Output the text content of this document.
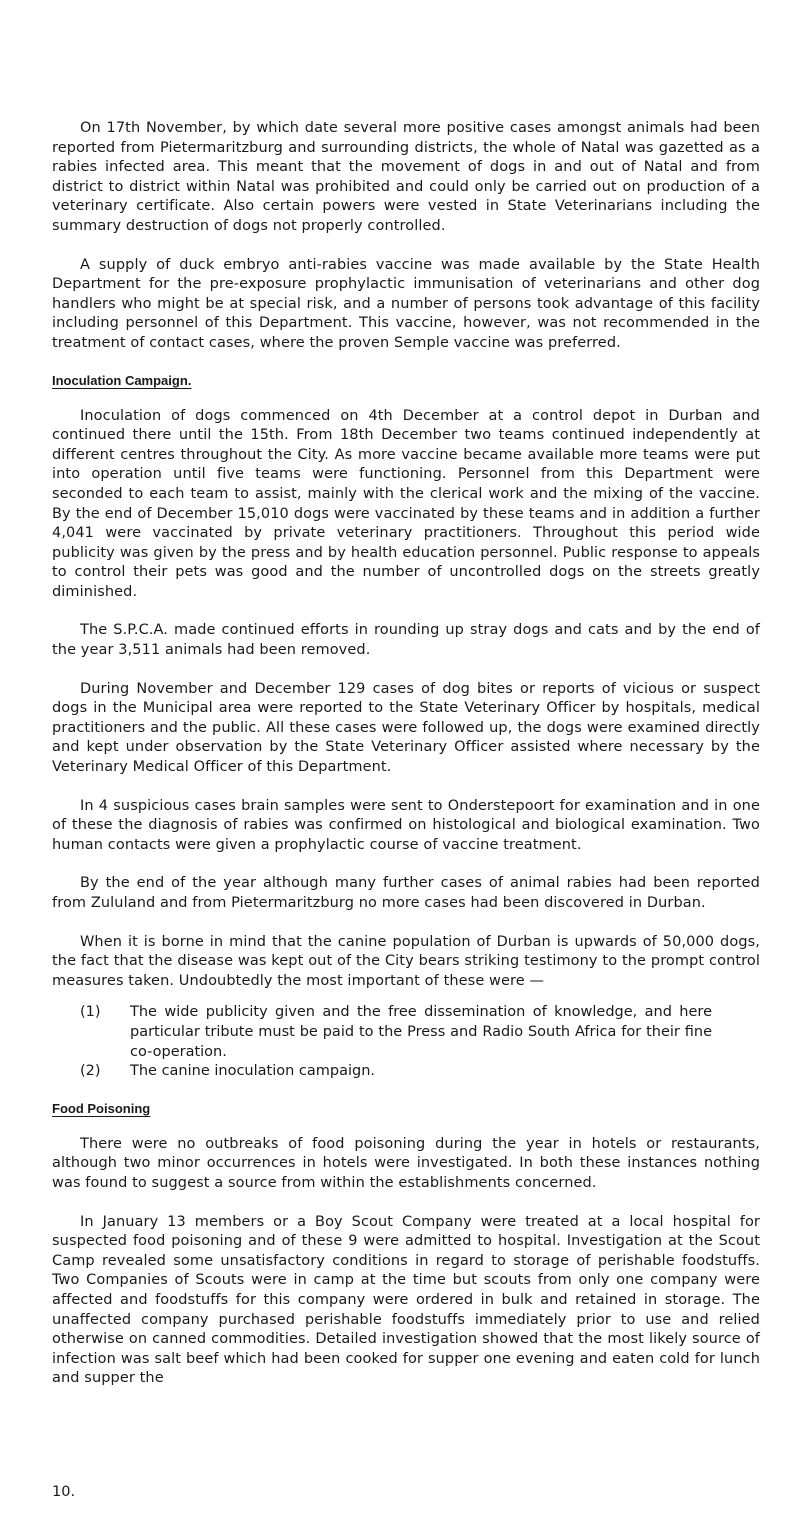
On 17th November, by which date several more positive cases amongst animals had been reported from Pietermaritzburg and surrounding districts, the whole of Natal was gazetted as a rabies infected area. This meant that the movement of dogs in and out of Natal and from district to district within Natal was prohibited and could only be carried out on production of a veterinary certificate. Also certain powers were vested in State Veterinarians including the summary destruction of dogs not properly controlled.

A supply of duck embryo anti-rabies vaccine was made available by the State Health Department for the pre-exposure prophylactic immunisation of veterinarians and other dog handlers who might be at special risk, and a number of persons took advantage of this facility including personnel of this Department. This vaccine, however, was not recommended in the treatment of contact cases, where the proven Semple vaccine was preferred.

Inoculation Campaign.

Inoculation of dogs commenced on 4th December at a control depot in Durban and continued there until the 15th. From 18th December two teams continued independently at different centres throughout the City. As more vaccine became available more teams were put into operation until five teams were functioning. Personnel from this Department were seconded to each team to assist, mainly with the clerical work and the mixing of the vaccine. By the end of December 15,010 dogs were vaccinated by these teams and in addition a further 4,041 were vaccinated by private veterinary practitioners. Throughout this period wide publicity was given by the press and by health education personnel. Public response to appeals to control their pets was good and the number of uncontrolled dogs on the streets greatly diminished.

The S.P.C.A. made continued efforts in rounding up stray dogs and cats and by the end of the year 3,511 animals had been removed.

During November and December 129 cases of dog bites or reports of vicious or suspect dogs in the Municipal area were reported to the State Veterinary Officer by hospitals, medical practitioners and the public. All these cases were followed up, the dogs were examined directly and kept under observation by the State Veterinary Officer assisted where necessary by the Veterinary Medical Officer of this Department.

In 4 suspicious cases brain samples were sent to Onderstepoort for examination and in one of these the diagnosis of rabies was confirmed on histological and biological examination. Two human contacts were given a prophylactic course of vaccine treatment.

By the end of the year although many further cases of animal rabies had been reported from Zululand and from Pietermaritzburg no more cases had been discovered in Durban.

When it is borne in mind that the canine population of Durban is upwards of 50,000 dogs, the fact that the disease was kept out of the City bears striking testimony to the prompt control measures taken. Undoubtedly the most important of these were —

(1)	The wide publicity given and the free dissemination of knowledge, and here particular tribute must be paid to the Press and Radio South Africa for their fine co-operation.
(2)	The canine inoculation campaign.
Food Poisoning

There were no outbreaks of food poisoning during the year in hotels or restaurants, although two minor occurrences in hotels were investigated. In both these instances nothing was found to suggest a source from within the establishments concerned.

In January 13 members or a Boy Scout Company were treated at a local hospital for suspected food poisoning and of these 9 were admitted to hospital. Investigation at the Scout Camp revealed some unsatisfactory conditions in regard to storage of perishable foodstuffs. Two Companies of Scouts were in camp at the time but scouts from only one company were affected and foodstuffs for this company were ordered in bulk and retained in storage. The unaffected company purchased perishable foodstuffs immediately prior to use and relied otherwise on canned commodities. Detailed investigation showed that the most likely source of infection was salt beef which had been cooked for supper one evening and eaten cold for lunch and supper the

10.
